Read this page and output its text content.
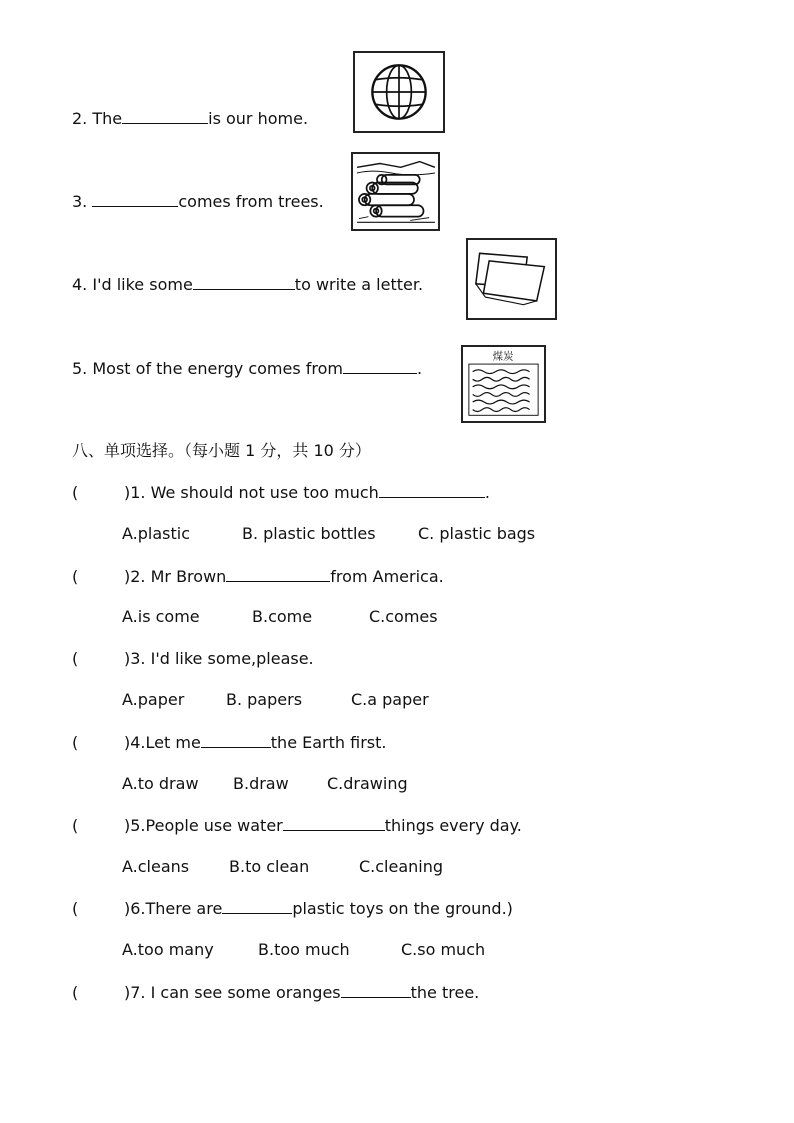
2. The	is our home.
3.	comes from trees.
4. I'd like some	to write a letter.
5. Most of the energy comes from	.
煤炭
八、单项选择。（每小题 1 分，共 10 分）
(	)1. We should not use too much	.
A.plastic	B. plastic bottles	C. plastic bags
(	)2. Mr Brown	from America.
A.is come	B.come	C.comes
(	)3. I'd like some,please.
A.paper	B. papers	C.a paper
(	)4.Let me	the Earth first.
A.to draw B.draw C.drawing
(	)5.People use water	things every day.
A.cleans B.to clean	C.cleaning
(	)6.There are	plastic toys on the ground.)
A.too many	B.too much	C.so much
(	)7. I can see some oranges	the tree.
